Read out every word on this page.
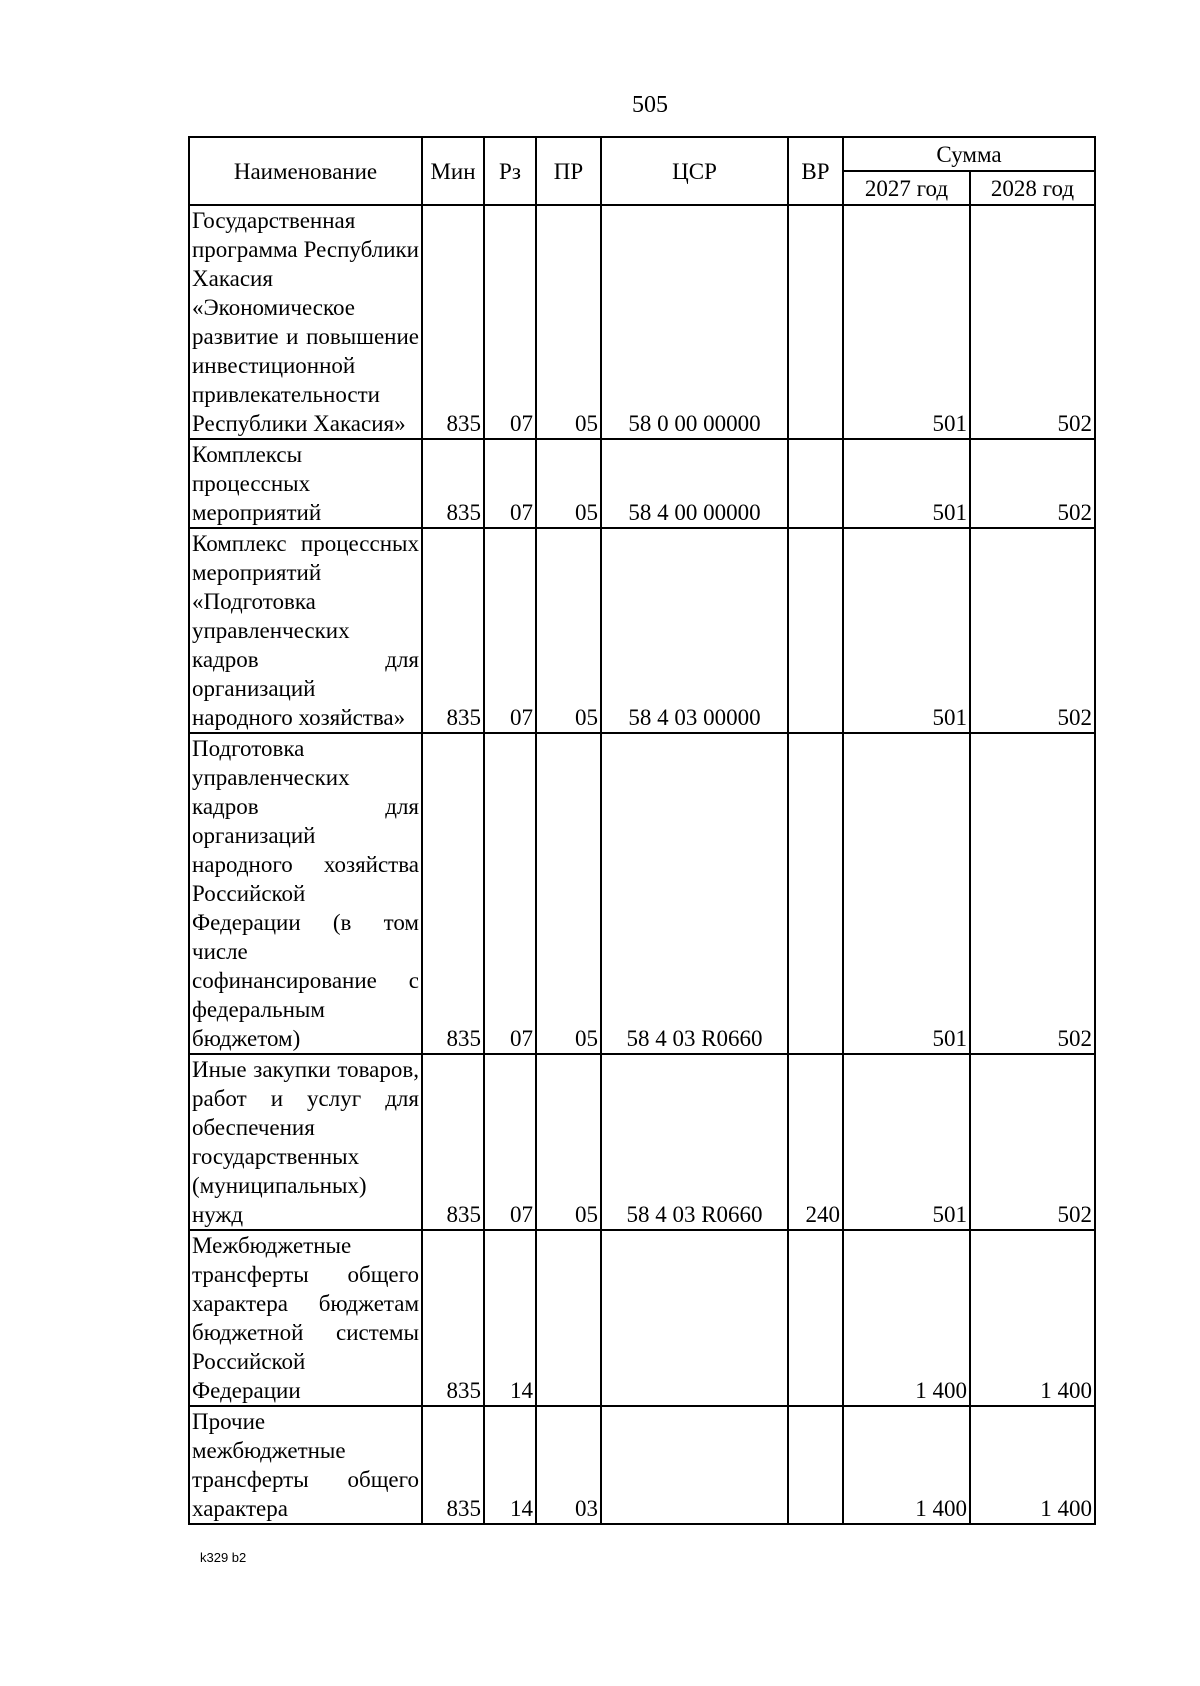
505
Наименование	Мин	Рз	ПР	ЦСР	ВР	Сумма	
						2027 год	2028 год
Государственная программа Республики Хакасия «Экономическое развитие и повышение инвестиционной привлекательности Республики Хакасия»	835	07	05	58 0 00 00000		501	502
Комплексы процессных мероприятий	835	07	05	58 4 00 00000		501	502
Комплекс процессных мероприятий «Подготовка управленческих кадров для организаций народного хозяйства»	835	07	05	58 4 03 00000		501	502
Подготовка управленческих кадров для организаций народного хозяйства Российской Федерации (в том числе софинансирование с федеральным бюджетом)	835	07	05	58 4 03 R0660		501	502
Иные закупки товаров, работ и услуг для обеспечения государственных (муниципальных) нужд	835	07	05	58 4 03 R0660	240	501	502
Межбюджетные трансферты общего характера бюджетам бюджетной системы Российской Федерации	835	14				1 400	1 400
Прочие межбюджетные трансферты общего характера	835	14	03			1 400	1 400
k329 b2
